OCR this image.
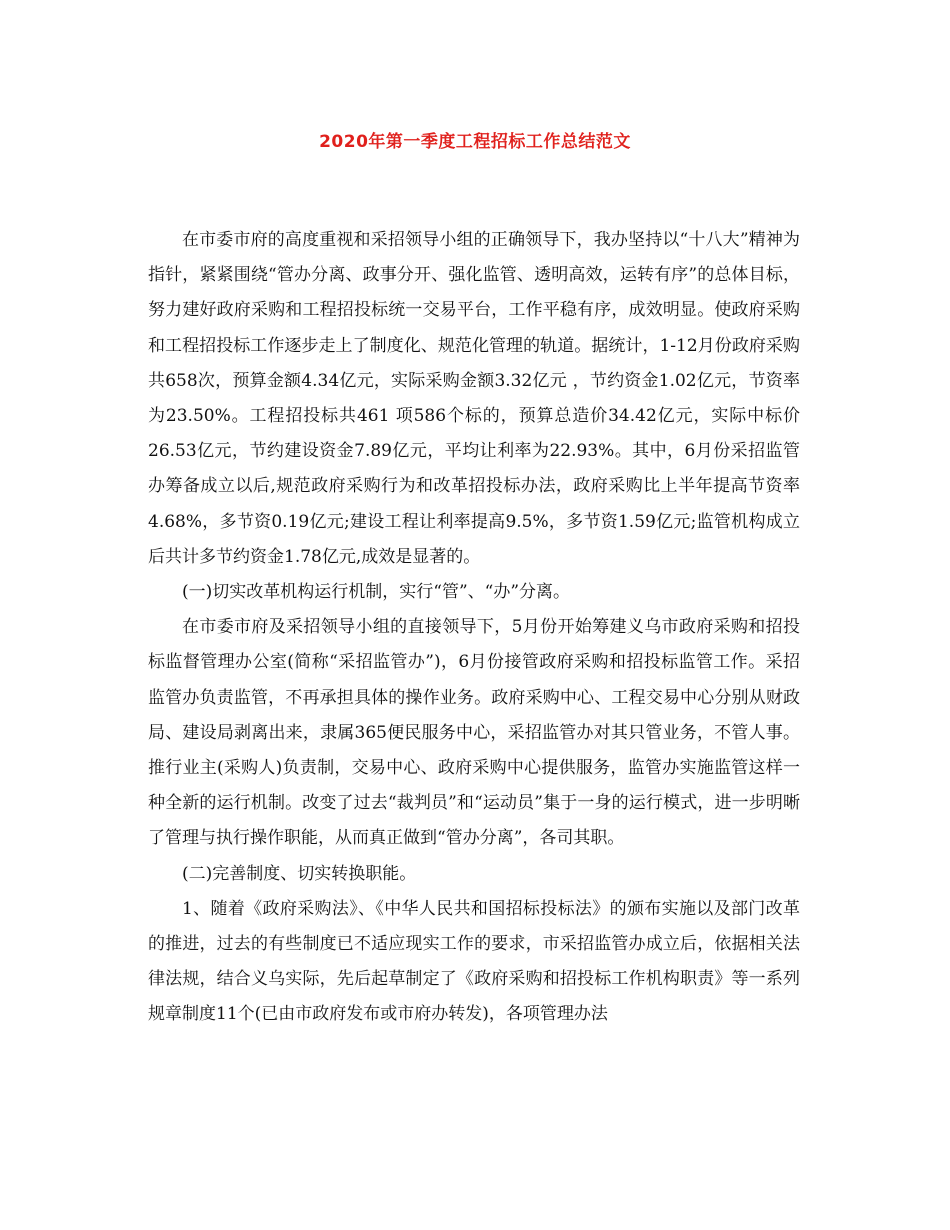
2020年第一季度工程招标工作总结范文

在市委市府的高度重视和采招领导小组的正确领导下，我办坚持以“十八大”精神为指针，紧紧围绕“管办分离、政事分开、强化监管、透明高效，运转有序”的总体目标，努力建好政府采购和工程招投标统一交易平台，工作平稳有序，成效明显。使政府采购和工程招投标工作逐步走上了制度化、规范化管理的轨道。据统计，1-12月份政府采购共658次，预算金额4.34亿元，实际采购金额3.32亿元 ，节约资金1.02亿元，节资率为23.50%。工程招投标共461 项586个标的，预算总造价34.42亿元，实际中标价26.53亿元，节约建设资金7.89亿元，平均让利率为22.93%。其中，6月份采招监管办筹备成立以后,规范政府采购行为和改革招投标办法，政府采购比上半年提高节资率4.68%，多节资0.19亿元;建设工程让利率提高9.5%，多节资1.59亿元;监管机构成立后共计多节约资金1.78亿元,成效是显著的。

(一)切实改革机构运行机制，实行“管”、“办”分离。

在市委市府及采招领导小组的直接领导下，5月份开始筹建义乌市政府采购和招投标监督管理办公室(简称“采招监管办”)，6月份接管政府采购和招投标监管工作。采招监管办负责监管，不再承担具体的操作业务。政府采购中心、工程交易中心分别从财政局、建设局剥离出来，隶属365便民服务中心，采招监管办对其只管业务，不管人事。推行业主(采购人)负责制，交易中心、政府采购中心提供服务，监管办实施监管这样一种全新的运行机制。改变了过去“裁判员”和“运动员”集于一身的运行模式，进一步明晰了管理与执行操作职能，从而真正做到“管办分离”，各司其职。

(二)完善制度、切实转换职能。

1、随着《政府采购法》、《中华人民共和国招标投标法》的颁布实施以及部门改革的推进，过去的有些制度已不适应现实工作的要求，市采招监管办成立后，依据相关法律法规，结合义乌实际，先后起草制定了《政府采购和招投标工作机构职责》等一系列规章制度11个(已由市政府发布或市府办转发)，各项管理办法
